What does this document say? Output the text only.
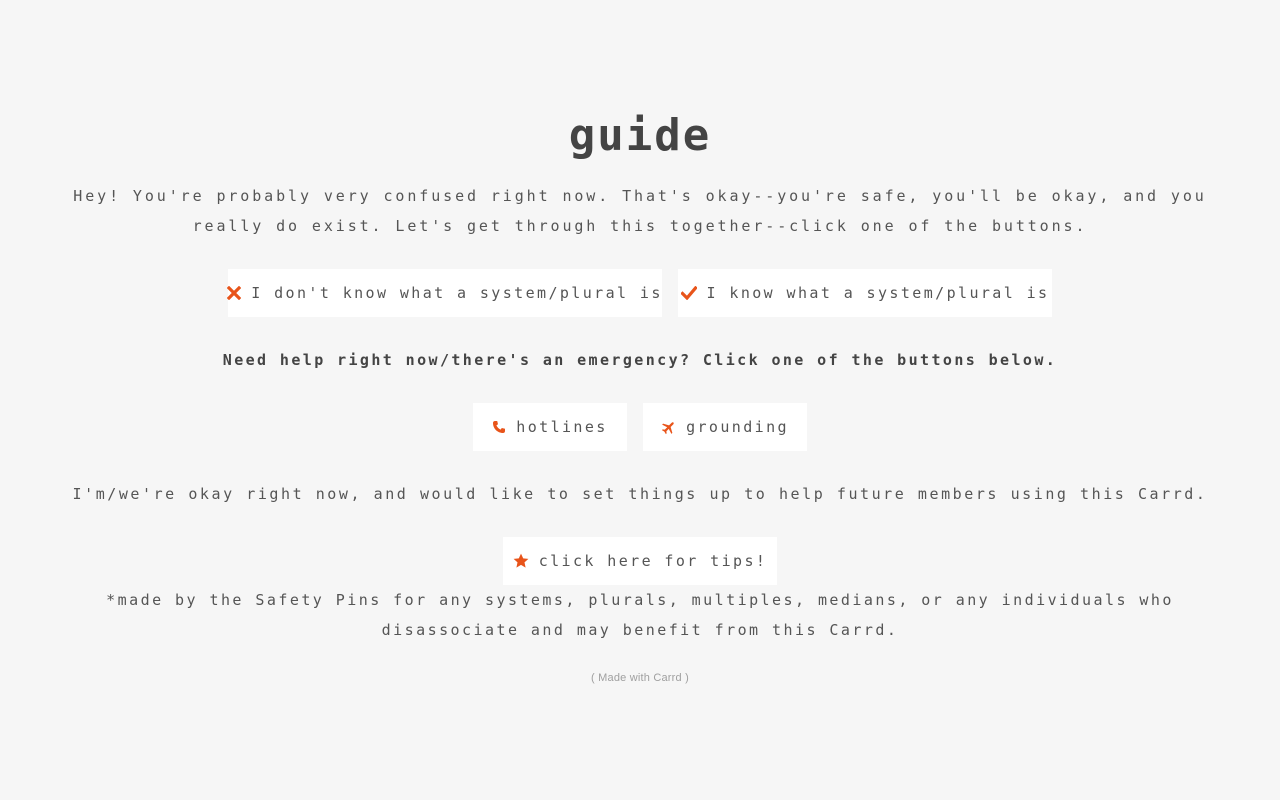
guide

Hey! You're probably very confused right now. That's okay--you're safe, you'll be okay, and you
really do exist. Let's get through this together--click one of the buttons.

I don't know what a system/plural is	I know what a system/plural is

Need help right now/there's an emergency? Click one of the buttons below.

hotlines	grounding

I'm/we're okay right now, and would like to set things up to help future members using this Carrd.

click here for tips!

*made by the Safety Pins for any systems, plurals, multiples, medians, or any individuals who
disassociate and may benefit from this Carrd.

( Made with Carrd )
